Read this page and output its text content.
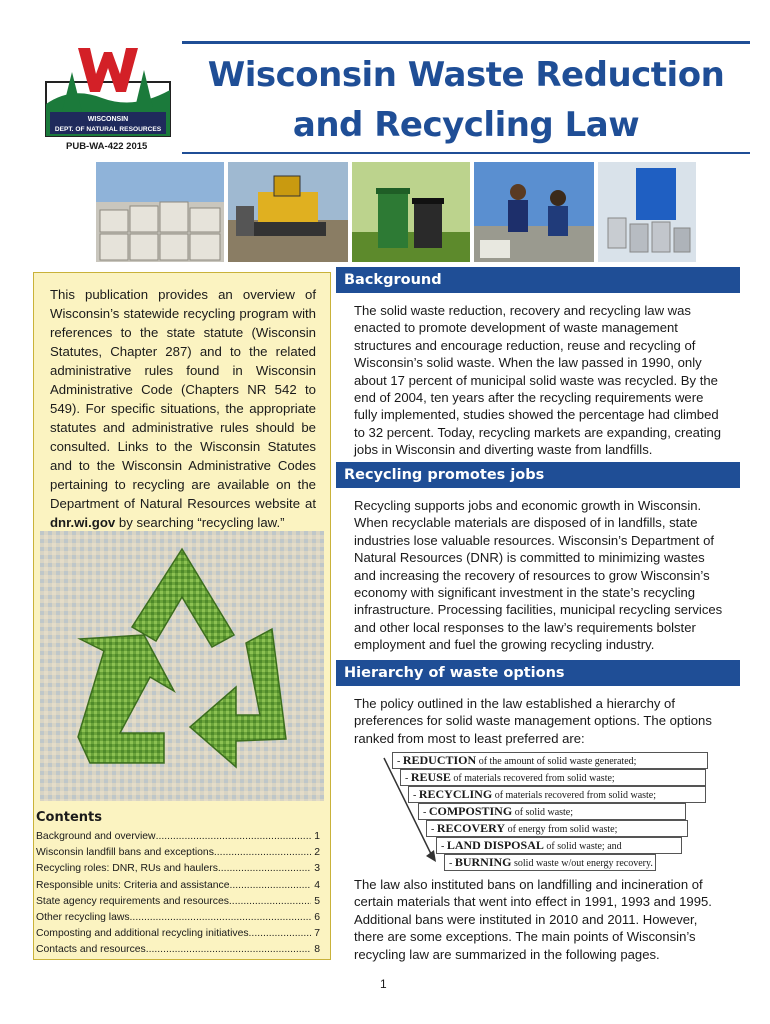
WISCONSIN
DEPT. OF NATURAL RESOURCES
PUB-WA-422 2015
Wisconsin Waste Reduction
and Recycling Law

This publication provides an overview of Wisconsin’s statewide recycling program with references to the state statute (Wisconsin Statutes, Chapter 287) and to the related administrative rules found in Wisconsin Administrative Code (Chapters NR 542 to 549). For specific situations, the appropriate statutes and administrative rules should be consulted. Links to the Wisconsin Statutes and to the Wisconsin Administrative Codes pertaining to recycling are available on the Department of Natural Resources website at dnr.wi.gov by searching “recycling law.”

Contents
Background and overview .....	1
Wisconsin landfill bans and exceptions .....	2
Recycling roles: DNR, RUs and haulers .....	3
Responsible units: Criteria and assistance .....	4
State agency requirements and resources .....	5
Other recycling laws .....	6
Composting and additional recycling initiatives .....	7
Contacts and resources .....	8
Background

The solid waste reduction, recovery and recycling law was enacted to promote development of waste management structures and encourage reduction, reuse and recycling of Wisconsin’s solid waste. When the law passed in 1990, only about 17 percent of municipal solid waste was recycled. By the end of 2004, ten years after the recycling requirements were fully implemented, studies showed the percentage had climbed to 32 percent. Today, recycling markets are expanding, creating jobs in Wisconsin and diverting waste from landfills.

Recycling promotes jobs

Recycling supports jobs and economic growth in Wisconsin. When recyclable materials are disposed of in landfills, state industries lose valuable resources. Wisconsin’s Department of Natural Resources (DNR) is committed to minimizing wastes and increasing the recovery of resources to grow Wisconsin’s economy with significant investment in the state’s recycling infrastructure. Processing facilities, municipal recycling services and other local responses to the law’s requirements bolster employment and fuel the growing recycling industry.

Hierarchy of waste options

The policy outlined in the law established a hierarchy of preferences for solid waste management options. The options ranked from most to least preferred are:

- REDUCTION of the amount of solid waste generated;
- REUSE of materials recovered from solid waste;
- RECYCLING of materials recovered from solid waste;
- COMPOSTING of solid waste;
- RECOVERY of energy from solid waste;
- LAND DISPOSAL of solid waste; and
- BURNING solid waste w/out energy recovery.

The law also instituted bans on landfilling and incineration of certain materials that went into effect in 1991, 1993 and 1995. Additional bans were instituted in 2010 and 2011. However, there are some exceptions. The main points of Wisconsin’s recycling law are summarized in the following pages.

1
